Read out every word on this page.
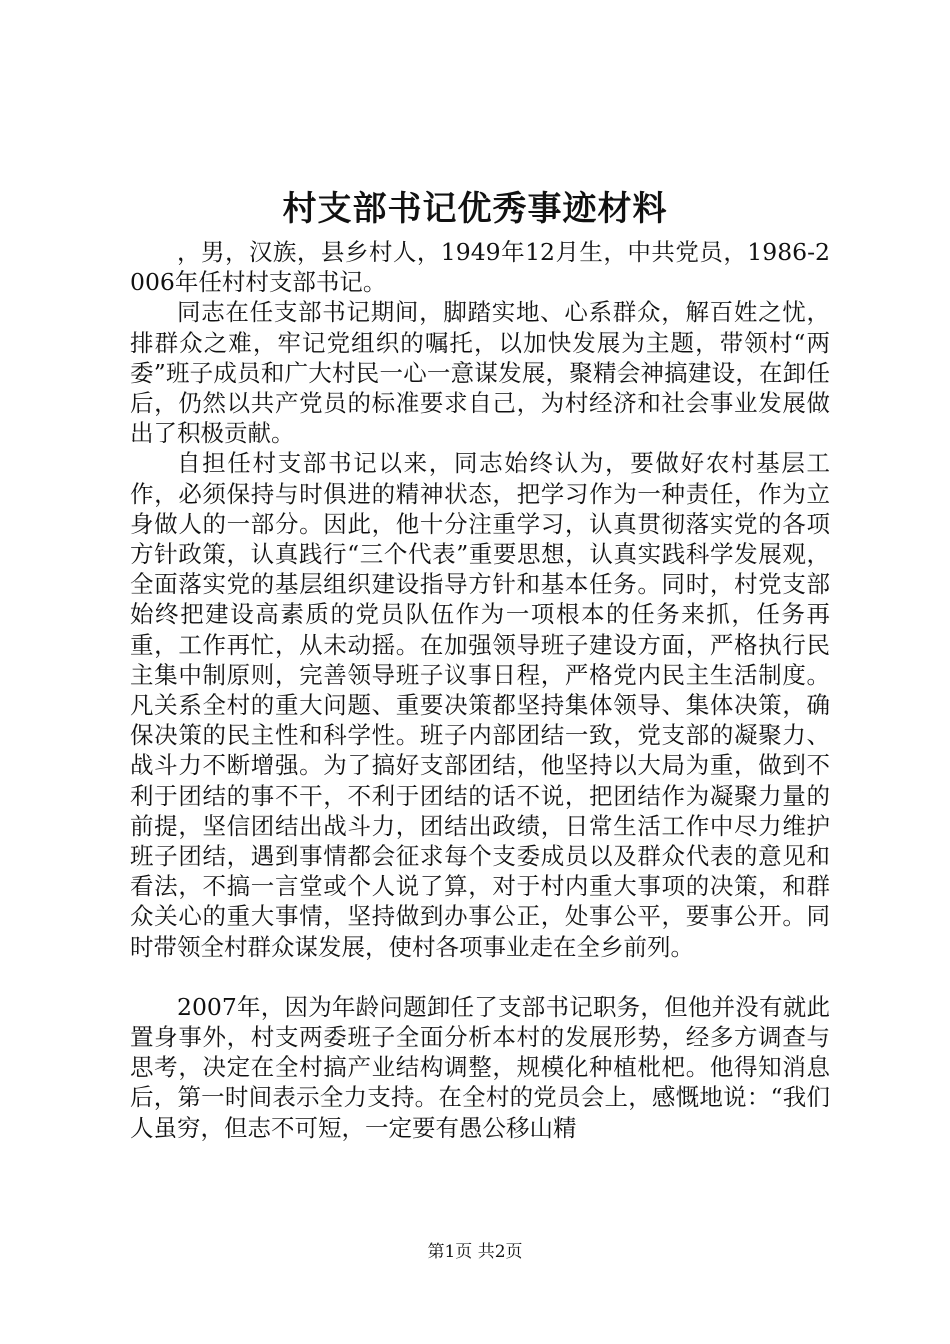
村支部书记优秀事迹材料

，男，汉族，县乡村人，1949年12月生，中共党员，1986-2006年任村村支部书记。

同志在任支部书记期间，脚踏实地、心系群众，解百姓之忧，排群众之难，牢记党组织的嘱托，以加快发展为主题，带领村“两委”班子成员和广大村民一心一意谋发展，聚精会神搞建设，在卸任后，仍然以共产党员的标准要求自己，为村经济和社会事业发展做出了积极贡献。

自担任村支部书记以来，同志始终认为，要做好农村基层工作，必须保持与时俱进的精神状态，把学习作为一种责任，作为立身做人的一部分。因此，他十分注重学习，认真贯彻落实党的各项方针政策，认真践行“三个代表”重要思想，认真实践科学发展观，全面落实党的基层组织建设指导方针和基本任务。同时，村党支部始终把建设高素质的党员队伍作为一项根本的任务来抓，任务再重，工作再忙，从未动摇。在加强领导班子建设方面，严格执行民主集中制原则，完善领导班子议事日程，严格党内民主生活制度。凡关系全村的重大问题、重要决策都坚持集体领导、集体决策，确保决策的民主性和科学性。班子内部团结一致，党支部的凝聚力、战斗力不断增强。为了搞好支部团结，他坚持以大局为重，做到不利于团结的事不干，不利于团结的话不说，把团结作为凝聚力量的前提，坚信团结出战斗力，团结出政绩，日常生活工作中尽力维护班子团结，遇到事情都会征求每个支委成员以及群众代表的意见和看法，不搞一言堂或个人说了算，对于村内重大事项的决策，和群众关心的重大事情，坚持做到办事公正，处事公平，要事公开。同时带领全村群众谋发展，使村各项事业走在全乡前列。

2007年，因为年龄问题卸任了支部书记职务，但他并没有就此置身事外，村支两委班子全面分析本村的发展形势，经多方调查与思考，决定在全村搞产业结构调整，规模化种植枇杷。他得知消息后，第一时间表示全力支持。在全村的党员会上，感慨地说：“我们人虽穷，但志不可短，一定要有愚公移山精

第1页 共2页
